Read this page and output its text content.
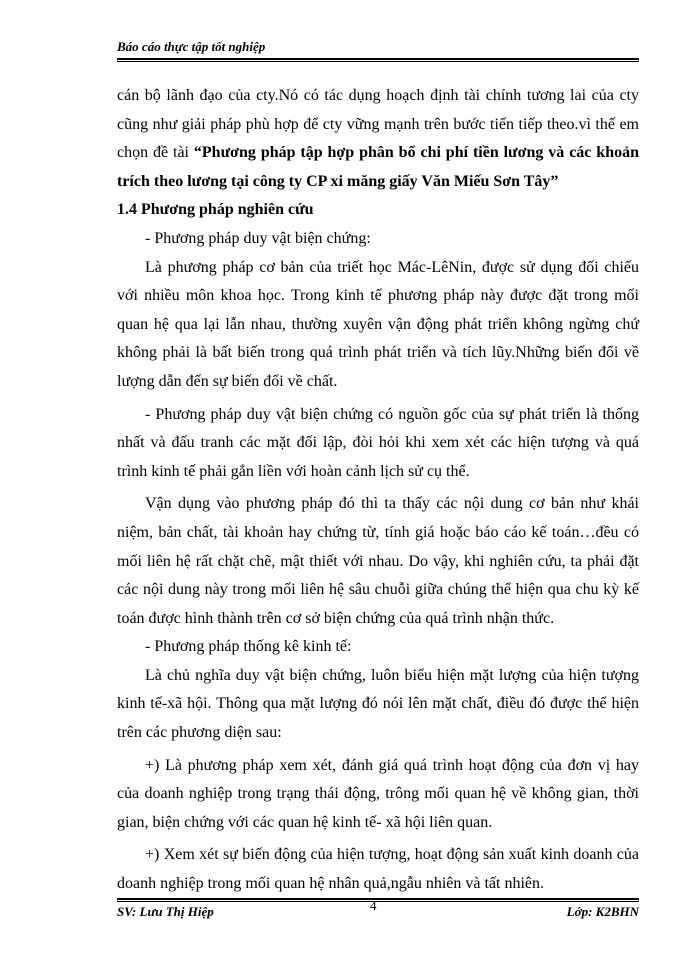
Báo cáo thực tập tốt nghiệp

cán bộ lãnh đạo của cty.Nó có tác dụng hoạch định tài chính tương lai của cty cũng như giải pháp phù hợp để cty vững mạnh trên bước tiến tiếp theo.vì thế em chọn đề tài “Phương pháp tập hợp phân bổ chi phí tiền lương và các khoản trích theo lương tại công ty CP xi măng giấy Văn Miếu Sơn Tây”

1.4 Phương pháp nghiên cứu

- Phương pháp duy vật biện chứng:

Là phương pháp cơ bản của triết học Mác-LêNin, được sử dụng đối chiếu với nhiều môn khoa học. Trong kinh tế phương pháp này được đặt trong mối quan hệ qua lại lẫn nhau, thường xuyên vận động phát triển không ngừng chứ không phải là bất biến trong quá trình phát triển và tích lũy.Những biến đổi về lượng dẫn đến sự biến đổi về chất.

- Phương pháp duy vật biện chứng có nguồn gốc của sự phát triển là thống nhất và đấu tranh các mặt đối lập, đòi hỏi khi xem xét các hiện tượng và quá trình kinh tế phải gắn liền với hoàn cảnh lịch sử cụ thể.

Vận dụng vào phương pháp đó thì ta thấy các nội dung cơ bản như khái niệm, bản chất, tài khoản hay chứng từ, tính giá hoặc báo cáo kế toán…đều có mối liên hệ rất chặt chẽ, mật thiết với nhau. Do vậy, khi nghiên cứu, ta phải đặt các nội dung này trong mối liên hệ sâu chuỗi giữa chúng thể hiện qua chu kỳ kế toán được hình thành trên cơ sở biện chứng của quá trình nhận thức.

- Phương pháp thống kê kinh tế:

Là chủ nghĩa duy vật biện chứng, luôn biểu hiện mặt lượng của hiện tượng kinh tế-xã hội. Thông qua mặt lượng đó nói lên mặt chất, điều đó được thể hiện trên các phương diện sau:

+) Là phương pháp xem xét, đánh giá quá trình hoạt động của đơn vị hay của doanh nghiệp trong trạng thái động, trông mối quan hệ về không gian, thời gian, biện chứng với các quan hệ kinh tế- xã hội liên quan.

+) Xem xét sự biến động của hiện tượng, hoạt động sản xuất kinh doanh của doanh nghiệp trong mối quan hệ nhân quả,ngẫu nhiên và tất nhiên.

SV: Lưu Thị Hiệp	4	Lớp: K2BHN
